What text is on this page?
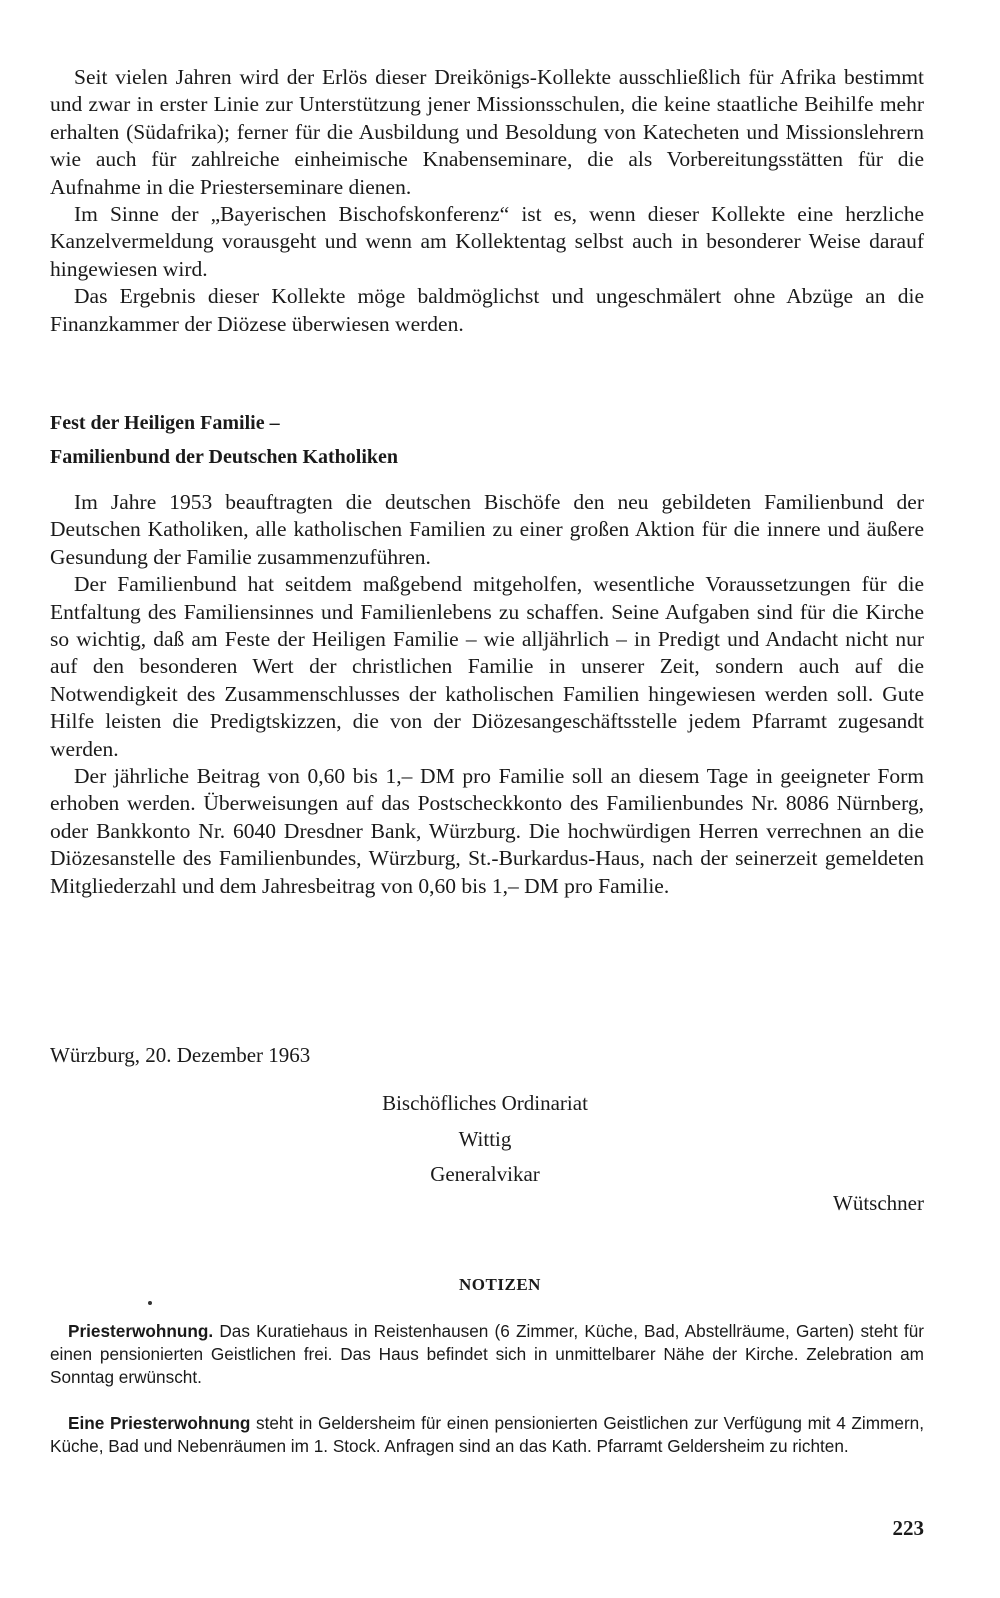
Seit vielen Jahren wird der Erlös dieser Dreikönigs-Kollekte ausschließlich für Afrika bestimmt und zwar in erster Linie zur Unterstützung jener Missionsschulen, die keine staatliche Beihilfe mehr erhalten (Südafrika); ferner für die Ausbildung und Besoldung von Katecheten und Missionslehrern wie auch für zahlreiche einheimische Knabenseminare, die als Vorbereitungsstätten für die Aufnahme in die Priesterseminare dienen.

Im Sinne der „Bayerischen Bischofskonferenz“ ist es, wenn dieser Kollekte eine herzliche Kanzelvermeldung vorausgeht und wenn am Kollektentag selbst auch in besonderer Weise darauf hingewiesen wird.

Das Ergebnis dieser Kollekte möge baldmöglichst und ungeschmälert ohne Abzüge an die Finanzkammer der Diözese überwiesen werden.

Fest der Heiligen Familie –

Familienbund der Deutschen Katholiken

Im Jahre 1953 beauftragten die deutschen Bischöfe den neu gebildeten Familienbund der Deutschen Katholiken, alle katholischen Familien zu einer großen Aktion für die innere und äußere Gesundung der Familie zusammenzuführen.

Der Familienbund hat seitdem maßgebend mitgeholfen, wesentliche Voraussetzungen für die Entfaltung des Familiensinnes und Familienlebens zu schaffen. Seine Aufgaben sind für die Kirche so wichtig, daß am Feste der Heiligen Familie – wie alljährlich – in Predigt und Andacht nicht nur auf den besonderen Wert der christlichen Familie in unserer Zeit, sondern auch auf die Notwendigkeit des Zusammenschlusses der katholischen Familien hingewiesen werden soll. Gute Hilfe leisten die Predigtskizzen, die von der Diözesangeschäftsstelle jedem Pfarramt zugesandt werden.

Der jährliche Beitrag von 0,60 bis 1,– DM pro Familie soll an diesem Tage in geeigneter Form erhoben werden. Überweisungen auf das Postscheckkonto des Familienbundes Nr. 8086 Nürnberg, oder Bankkonto Nr. 6040 Dresdner Bank, Würzburg. Die hochwürdigen Herren verrechnen an die Diözesanstelle des Familienbundes, Würzburg, St.-Burkardus-Haus, nach der seinerzeit gemeldeten Mitgliederzahl und dem Jahresbeitrag von 0,60 bis 1,– DM pro Familie.

Würzburg, 20. Dezember 1963
Bischöfliches Ordinariat
Wittig
Generalvikar
Wütschner
NOTIZEN

Priesterwohnung. Das Kuratiehaus in Reistenhausen (6 Zimmer, Küche, Bad, Abstellräume, Garten) steht für einen pensionierten Geistlichen frei. Das Haus befindet sich in unmittelbarer Nähe der Kirche. Zelebration am Sonntag erwünscht.

Eine Priesterwohnung steht in Geldersheim für einen pensionierten Geistlichen zur Verfügung mit 4 Zimmern, Küche, Bad und Nebenräumen im 1. Stock. Anfragen sind an das Kath. Pfarramt Geldersheim zu richten.

223
